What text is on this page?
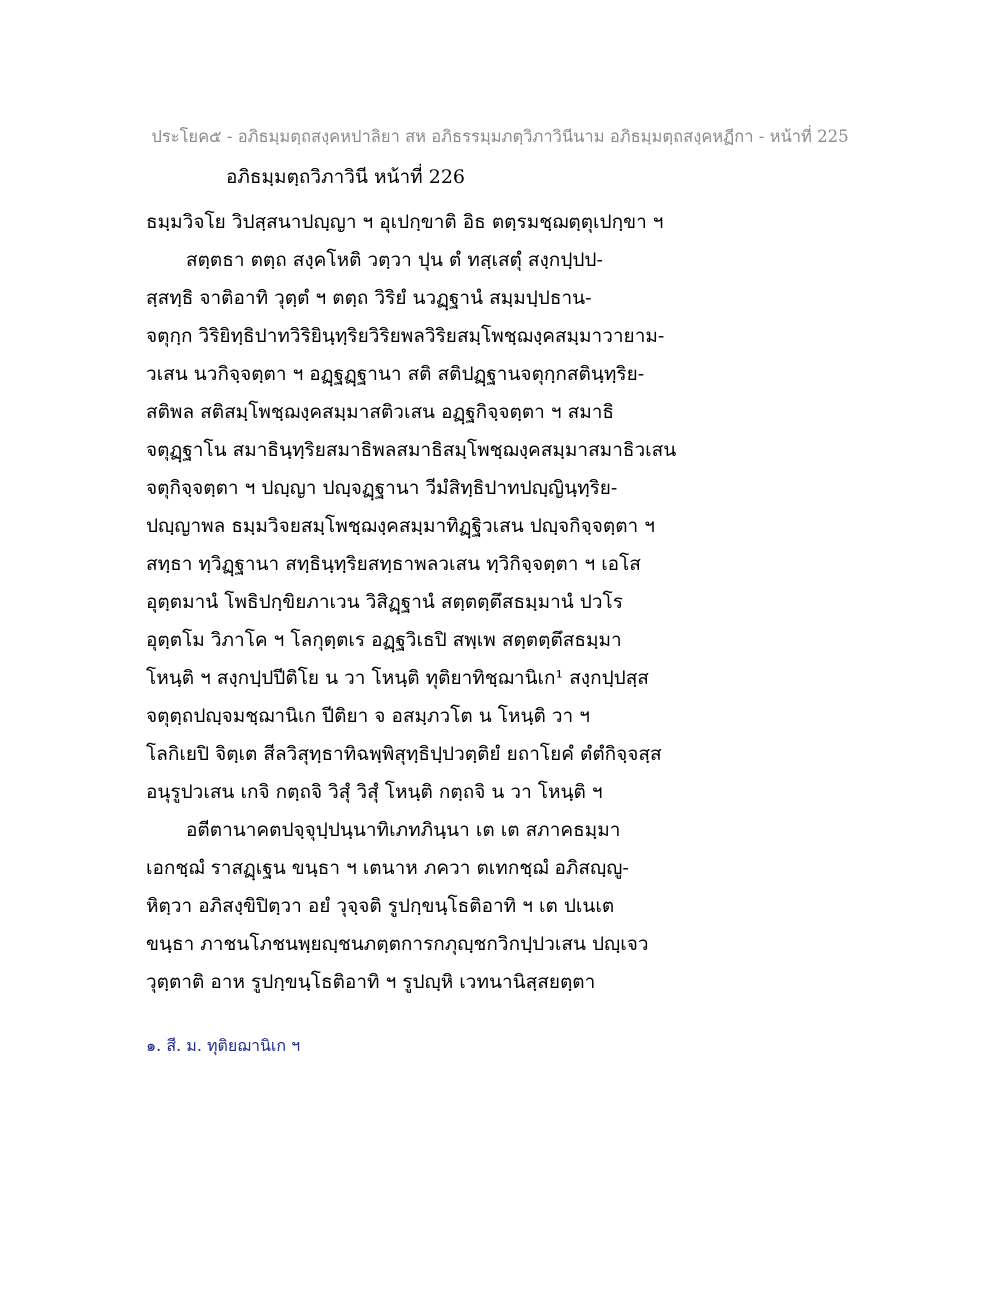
ประโยค๕ - อภิธมฺมตฺถสงฺคหปาลิยา สห อภิธรรมฺมภตฺวิภาวินีนาม อภิธมฺมตฺถสงฺคหฏีกา - หน้าที่ 225
อภิธมฺมตฺถวิภาวินี หน้าที่ 226
ธมฺมวิจโย วิปสฺสนาปญฺญา ฯ อุเปกฺขาติ อิธ ตตฺรมชฺฌตฺตุเปกฺขา ฯ
สตฺตธา ตตฺถ สงฺคโหติ วตฺวา ปุน ตํ ทสฺเสตุํ สงฺกปฺปป-
สฺสทฺธิ จาติอาทิ วุตฺตํ ฯ ตตฺถ วิริยํ นวฏฺฐานํ สมฺมปฺปธาน-
จตุกฺก วิริยิทฺธิปาทวิริยินฺทฺริยวิริยพลวิริยสมฺโพชฺฌงฺคสมฺมาวายาม-
วเสน นวกิจฺจตฺตา ฯ อฏฺฐฏฺฐานา สติ สติปฏฺฐานจตุกฺกสตินฺทฺริย-
สติพล สติสมฺโพชฺฌงฺคสมฺมาสติวเสน อฏฺฐกิจฺจตฺตา ฯ สมาธิ
จตุฏฺฐาโน สมาธินฺทฺริยสมาธิพลสมาธิสมฺโพชฺฌงฺคสมฺมาสมาธิวเสน
จตุกิจฺจตฺตา ฯ ปญฺญา ปญฺจฏฺฐานา วีมํสิทฺธิปาทปญฺญินฺทฺริย-
ปญฺญาพล ธมฺมวิจยสมฺโพชฺฌงฺคสมฺมาทิฏฺฐิวเสน ปญฺจกิจฺจตฺตา ฯ
สทฺธา ทฺวิฏฺฐานา สทฺธินฺทฺริยสทฺธาพลวเสน ทฺวิกิจฺจตฺตา ฯ เอโส
อุตฺตมานํ โพธิปกฺขิยภาเวน วิสิฏฺฐานํ สตฺตตฺตึสธมฺมานํ ปวโร
อุตฺตโม วิภาโค ฯ โลกุตฺตเร อฏฺฐวิเธปิ สพฺเพ สตฺตตฺตึสธมฺมา
โหนฺติ ฯ สงฺกปฺปปีติโย น วา โหนฺติ ทุติยาทิชฺฌานิเก¹ สงฺกปฺปสฺส
จตุตฺถปญฺจมชฺฌานิเก ปีติยา จ อสมฺภวโต น โหนฺติ วา ฯ
โลกิเยปิ จิตฺเต สีลวิสุทฺธาทิฉพฺพิสุทฺธิปฺปวตฺติยํ ยถาโยคํ ตํตํกิจฺจสฺส
อนุรูปวเสน เกจิ กตฺถจิ วิสุํ วิสุํ โหนฺติ กตฺถจิ น วา โหนฺติ ฯ
อตีตานาคตปจฺจุปฺปนฺนาทิเภทภินฺนา เต เต สภาคธมฺมา
เอกชฺฌํ ราสฏฺเฐน ขนฺธา ฯ เตนาห ภควา ตเทกชฺฌํ อภิสญฺญู-
หิตฺวา อภิสงฺขิปิตฺวา อยํ วุจฺจติ รูปกฺขนฺโธติอาทิ ฯ เต ปเนเต
ขนฺธา ภาชนโภชนพฺยญฺชนภตฺตการกภุญฺชกวิกปฺปวเสน ปญฺเจว
วุตฺตาติ อาห รูปกฺขนฺโธติอาทิ ฯ รูปญฺหิ เวทนานิสฺสยตฺตา
๑. สี. ม. ทุติยฌานิเก ฯ
